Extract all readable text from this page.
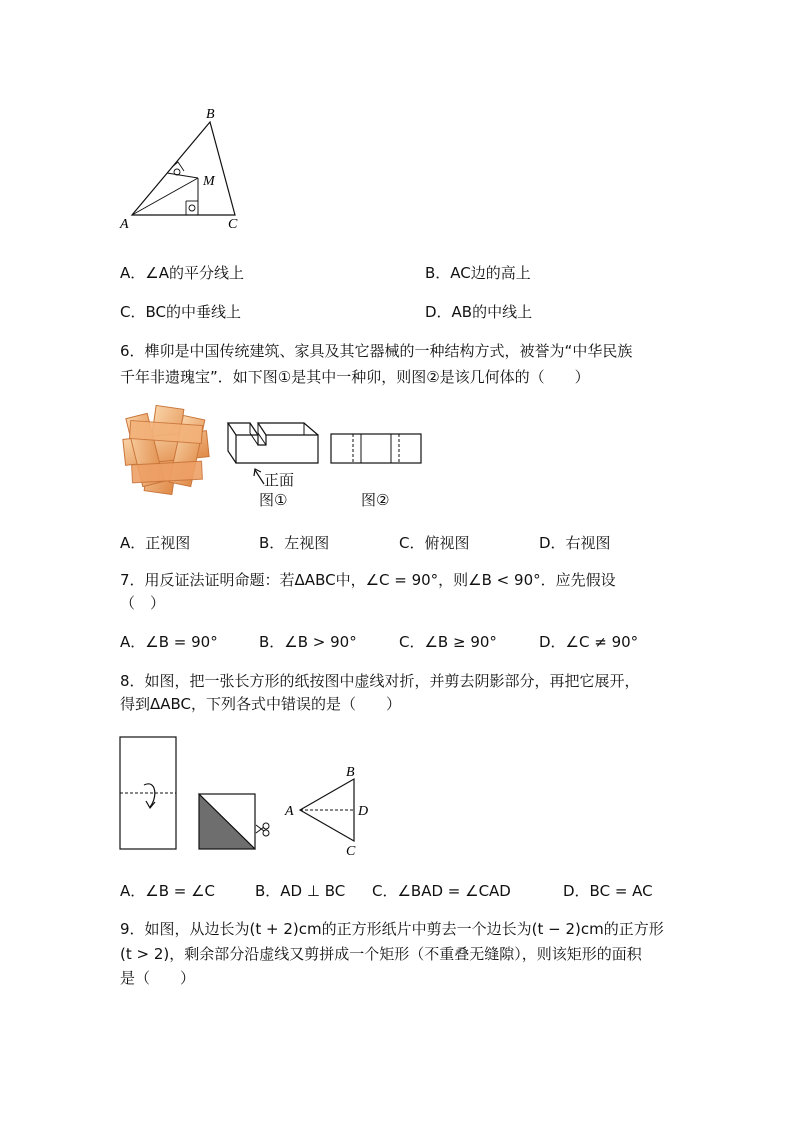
B
M
A	C
A．∠A的平分线上	B．AC边的高上
C．BC的中垂线上	D．AB的中线上
6．榫卯是中国传统建筑、家具及其它器械的一种结构方式，被誉为“中华民族
千年非遗瑰宝”．如下图①是其中一种卯，则图②是该几何体的（　　）
正面
图①	图②
A．正视图	B．左视图	C．俯视图	D．右视图
7．用反证法证明命题：若ΔABC中，∠C = 90°，则∠B < 90°．应先假设
（　）
A．∠B = 90°	B．∠B > 90°	C．∠B ≥ 90°	D．∠C ≠ 90°
8．如图，把一张长方形的纸按图中虚线对折，并剪去阴影部分，再把它展开，
得到ΔABC，下列各式中错误的是（　　）
B
A	D
C
A．∠B = ∠C	B．AD ⊥ BC C．∠BAD = ∠CAD	D．BC = AC
9．如图，从边长为(t + 2)cm的正方形纸片中剪去一个边长为(t − 2)cm的正方形
(t > 2)，剩余部分沿虚线又剪拼成一个矩形（不重叠无缝隙），则该矩形的面积
是（　　）
